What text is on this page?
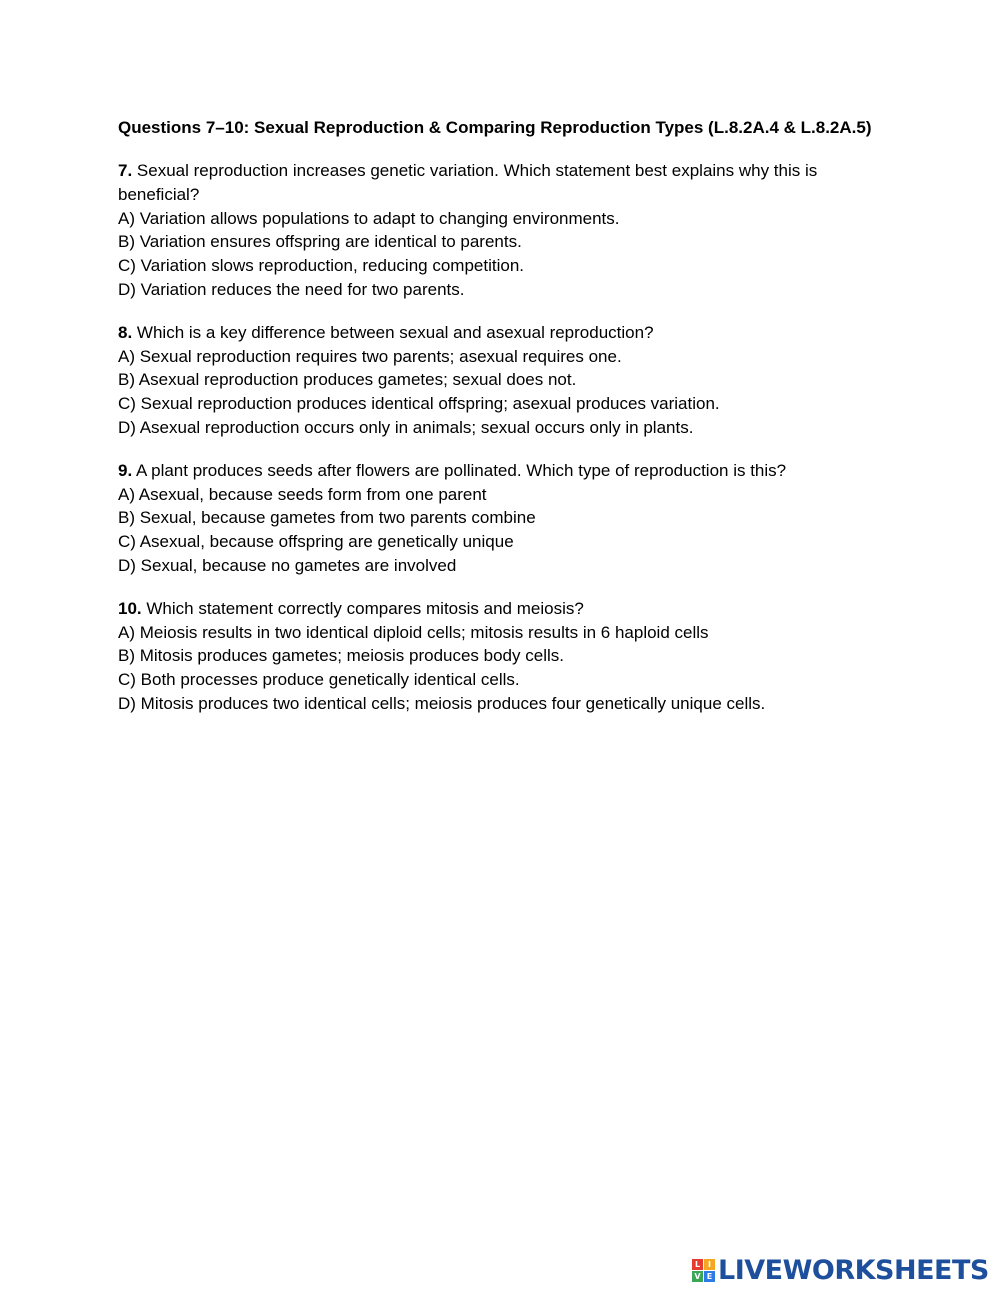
Questions 7–10: Sexual Reproduction & Comparing Reproduction Types (L.8.2A.4 & L.8.2A.5)
7. Sexual reproduction increases genetic variation. Which statement best explains why this is beneficial?
A) Variation allows populations to adapt to changing environments.
B) Variation ensures offspring are identical to parents.
C) Variation slows reproduction, reducing competition.
D) Variation reduces the need for two parents.
8. Which is a key difference between sexual and asexual reproduction?
A) Sexual reproduction requires two parents; asexual requires one.
B) Asexual reproduction produces gametes; sexual does not.
C) Sexual reproduction produces identical offspring; asexual produces variation.
D) Asexual reproduction occurs only in animals; sexual occurs only in plants.
9. A plant produces seeds after flowers are pollinated. Which type of reproduction is this?
A) Asexual, because seeds form from one parent
B) Sexual, because gametes from two parents combine
C) Asexual, because offspring are genetically unique
D) Sexual, because no gametes are involved
10. Which statement correctly compares mitosis and meiosis?
A) Meiosis results in two identical diploid cells; mitosis results in 6 haploid cells
B) Mitosis produces gametes; meiosis produces body cells.
C) Both processes produce genetically identical cells.
D) Mitosis produces two identical cells; meiosis produces four genetically unique cells.
L I
V E LIVEWORKSHEETS
